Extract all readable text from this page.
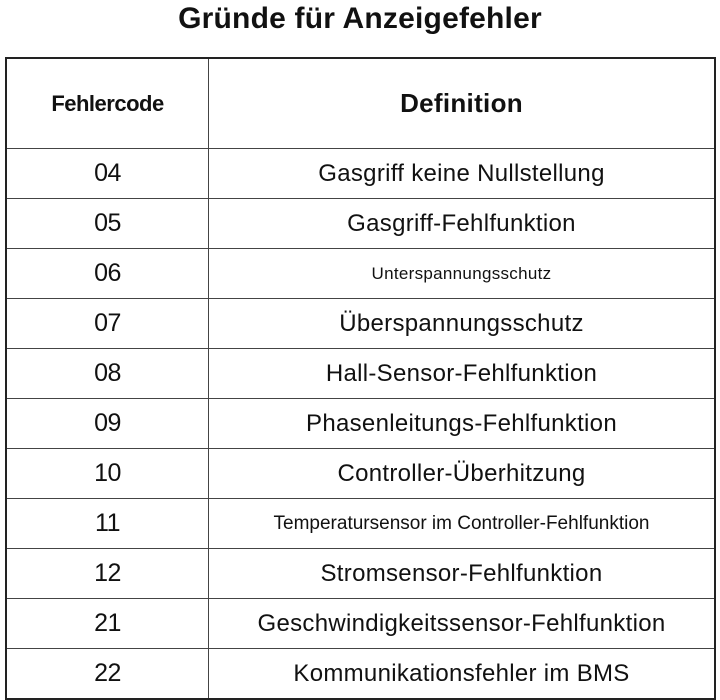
Gründe für Anzeigefehler
Fehlercode	Definition
04	Gasgriff keine Nullstellung
05	Gasgriff-Fehlfunktion
06	Unterspannungsschutz
07	Überspannungsschutz
08	Hall-Sensor-Fehlfunktion
09	Phasenleitungs-Fehlfunktion
10	Controller-Überhitzung
11	Temperatursensor im Controller-Fehlfunktion
12	Stromsensor-Fehlfunktion
21	Geschwindigkeitssensor-Fehlfunktion
22	Kommunikationsfehler im BMS
